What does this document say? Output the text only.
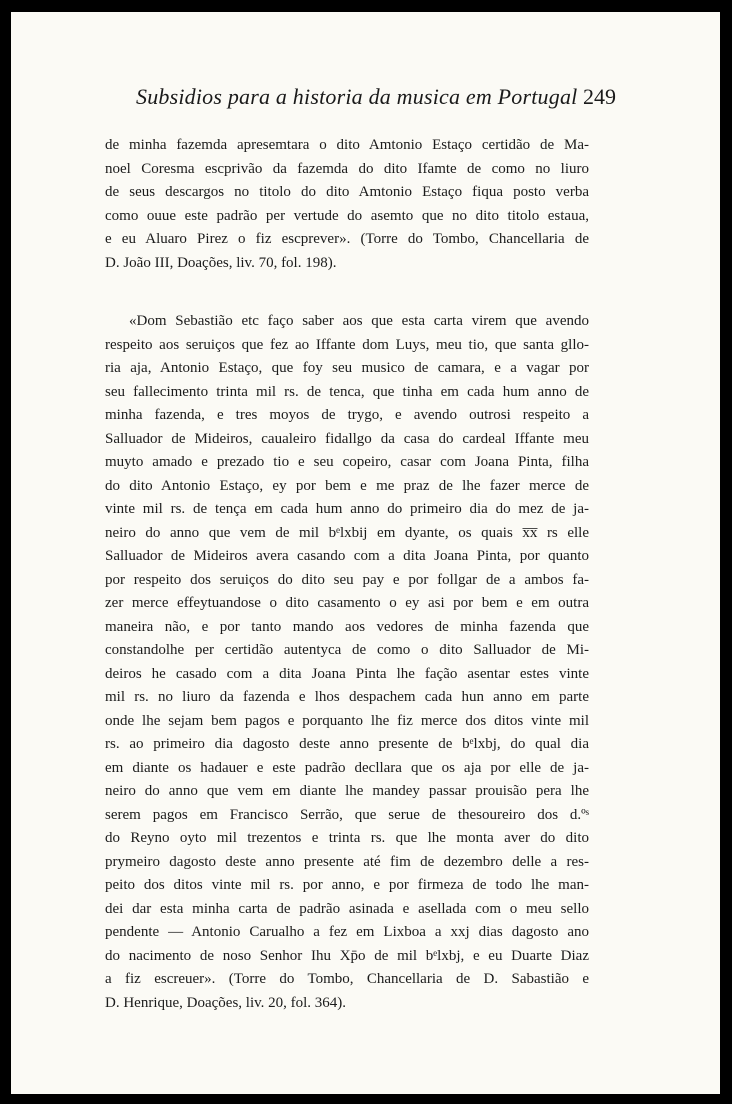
Subsidios para a historia da musica em Portugal 249
de minha fazemda apresemtara o dito Amtonio Estaço certidão de Ma-
noel Coresma escprivão da fazemda do dito Ifamte de como no liuro
de seus descargos no titolo do dito Amtonio Estaço fiqua posto verba
como ouue este padrão per vertude do asemto que no dito titolo estaua,
e eu Aluaro Pirez o fiz escprever». (Torre do Tombo, Chancellaria de
D. João III, Doações, liv. 70, fol. 198).
«Dom Sebastião etc faço saber aos que esta carta virem que avendo
respeito aos seruiços que fez ao Iffante dom Luys, meu tio, que santa gllo-
ria aja, Antonio Estaço, que foy seu musico de camara, e a vagar por
seu fallecimento trinta mil rs. de tenca, que tinha em cada hum anno de
minha fazenda, e tres moyos de trygo, e avendo outrosi respeito a
Salluador de Mideiros, caualeiro fidallgo da casa do cardeal Iffante meu
muyto amado e prezado tio e seu copeiro, casar com Joana Pinta, filha
do dito Antonio Estaço, ey por bem e me praz de lhe fazer merce de
vinte mil rs. de tença em cada hum anno do primeiro dia do mez de ja-
neiro do anno que vem de mil bᵉlxbij em dyante, os quais x̅x̅ rs elle
Salluador de Mideiros avera casando com a dita Joana Pinta, por quanto
por respeito dos seruiços do dito seu pay e por follgar de a ambos fa-
zer merce effeytuandose o dito casamento o ey asi por bem e em outra
maneira não, e por tanto mando aos vedores de minha fazenda que
constandolhe per certidão autentyca de como o dito Salluador de Mi-
deiros he casado com a dita Joana Pinta lhe fação asentar estes vinte
mil rs. no liuro da fazenda e lhos despachem cada hun anno em parte
onde lhe sejam bem pagos e porquanto lhe fiz merce dos ditos vinte mil
rs. ao primeiro dia dagosto deste anno presente de bᵉlxbj, do qual dia
em diante os hadauer e este padrão decllara que os aja por elle de ja-
neiro do anno que vem em diante lhe mandey passar prouisão pera lhe
serem pagos em Francisco Serrão, que serue de thesoureiro dos d.ºˢ
do Reyno oyto mil trezentos e trinta rs. que lhe monta aver do dito
prymeiro dagosto deste anno presente até fim de dezembro delle a res-
peito dos ditos vinte mil rs. por anno, e por firmeza de todo lhe man-
dei dar esta minha carta de padrão asinada e asellada com o meu sello
pendente — Antonio Carualho a fez em Lixboa a xxj dias dagosto ano
do nacimento de noso Senhor Ihu Xp̄o de mil bᵉlxbj, e eu Duarte Diaz
a fiz escreuer». (Torre do Tombo, Chancellaria de D. Sabastião e
D. Henrique, Doações, liv. 20, fol. 364).
